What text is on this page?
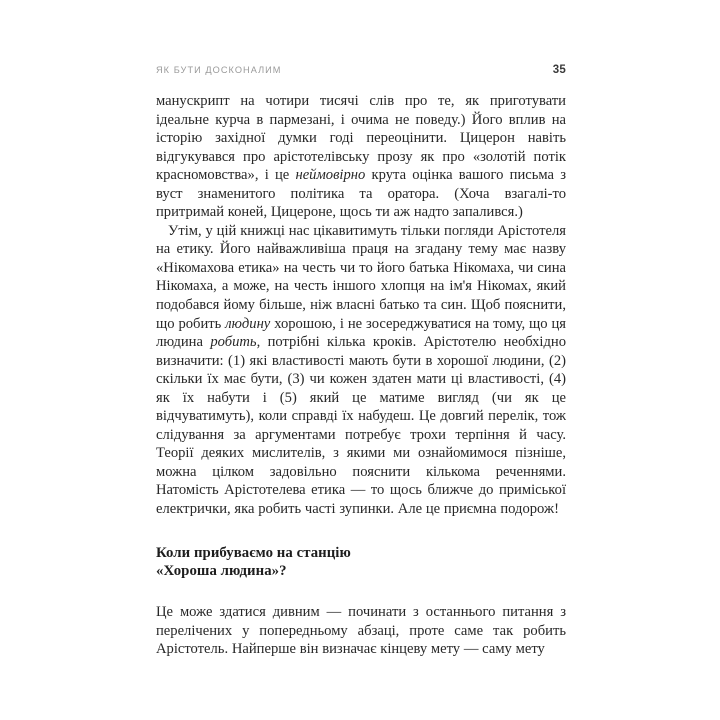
ЯК БУТИ ДОСКОНАЛИМ	35

манускрипт на чотири тисячі слів про те, як приготувати ідеальне курча в пармезані, і очима не поведу.) Його вплив на історію західної думки годі переоцінити. Цицерон навіть відгукувався про арістотелівську прозу як про «золотій потік красномовства», і це неймовірно крута оцінка вашого письма з вуст знаменитого політика та оратора. (Хоча взагалі-то притримай коней, Цицероне, щось ти аж надто запалився.)

Утім, у цій книжці нас цікавитимуть тільки погляди Арістотеля на етику. Його найважливіша праця на згадану тему має назву «Нікомахова етика» на честь чи то його батька Нікомаха, чи сина Нікомаха, а може, на честь іншого хлопця на ім'я Нікомах, який подобався йому більше, ніж власні батько та син. Щоб пояснити, що робить людину хорошою, і не зосереджуватися на тому, що ця людина робить, потрібні кілька кроків. Арістотелю необхідно визначити: (1) які властивості мають бути в хорошої людини, (2) скільки їх має бути, (3) чи кожен здатен мати ці властивості, (4) як їх набути і (5) який це матиме вигляд (чи як це відчуватимуть), коли справді їх набудеш. Це довгий перелік, тож слідування за аргументами потребує трохи терпіння й часу. Теорії деяких мислителів, з якими ми ознайомимося пізніше, можна цілком задовільно пояснити кількома реченнями. Натомість Арістотелева етика — то щось ближче до приміської електрички, яка робить часті зупинки. Але це приємна подорож!

Коли прибуваємо на станцію
«Хороша людина»?

Це може здатися дивним — починати з останнього питання з перелічених у попередньому абзаці, проте саме так робить Арістотель. Найперше він визначає кінцеву мету — саму мету
